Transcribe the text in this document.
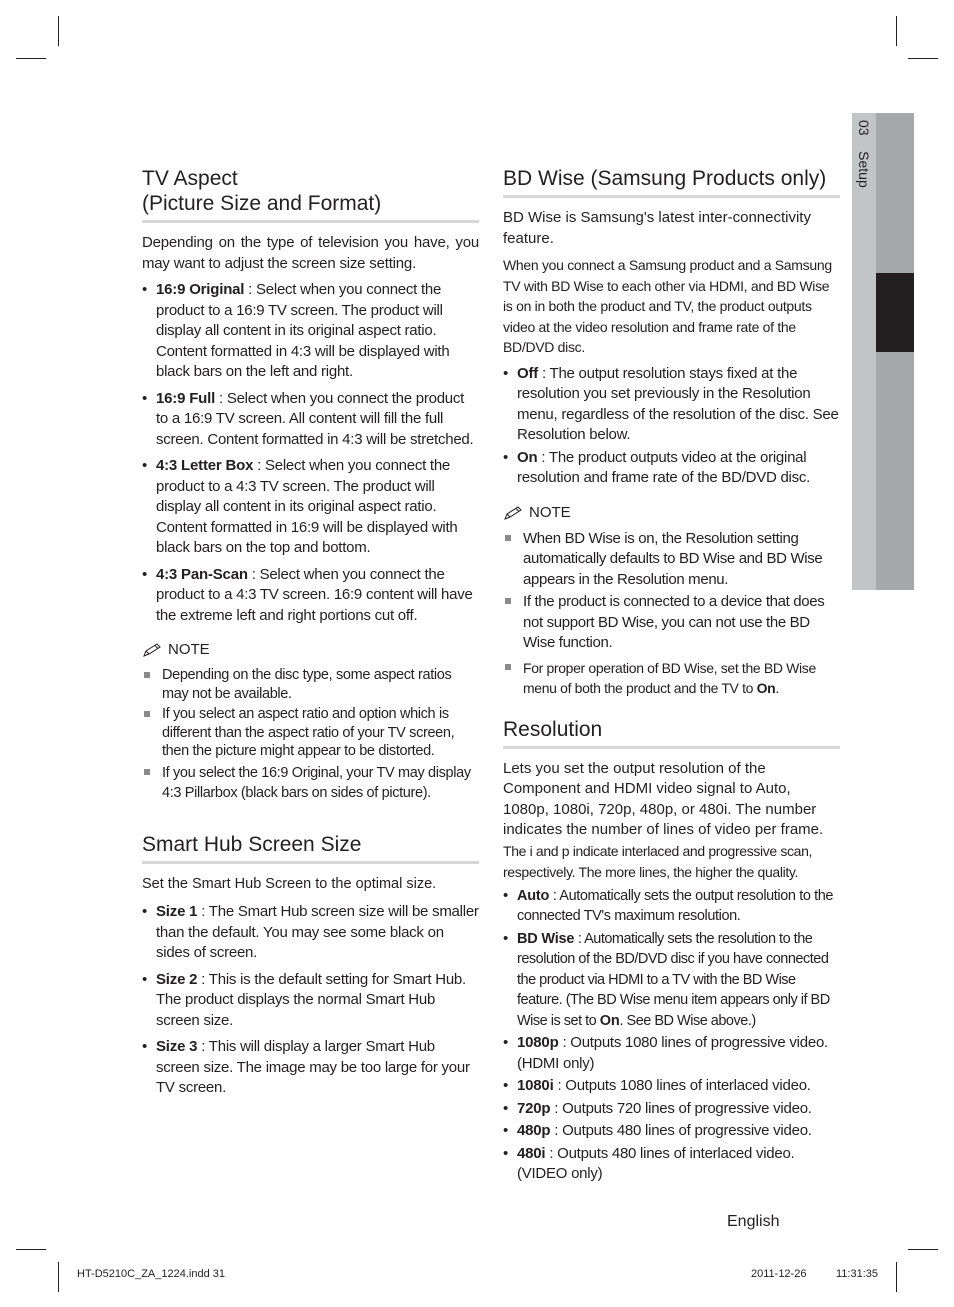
03    Setup
TV Aspect
(Picture Size and Format)

Depending on the type of television you have, you may want to adjust the screen size setting.

• 16:9 Original : Select when you connect the product to a 16:9 TV screen. The product will display all content in its original aspect ratio. Content formatted in 4:3 will be displayed with black bars on the left and right.
• 16:9 Full : Select when you connect the product to a 16:9 TV screen. All content will fill the full screen. Content formatted in 4:3 will be stretched.
• 4:3 Letter Box : Select when you connect the product to a 4:3 TV screen. The product will display all content in its original aspect ratio. Content formatted in 16:9 will be displayed with black bars on the top and bottom.
• 4:3 Pan-Scan : Select when you connect the product to a 4:3 TV screen. 16:9 content will have the extreme left and right portions cut off.
NOTE
Depending on the disc type, some aspect ratios may not be available.
If you select an aspect ratio and option which is different than the aspect ratio of your TV screen, then the picture might appear to be distorted.
If you select the 16:9 Original, your TV may display 4:3 Pillarbox (black bars on sides of picture).
Smart Hub Screen Size

Set the Smart Hub Screen to the optimal size.

• Size 1 : The Smart Hub screen size will be smaller than the default. You may see some black on sides of screen.
• Size 2 : This is the default setting for Smart Hub. The product displays the normal Smart Hub screen size.
• Size 3 : This will display a larger Smart Hub screen size. The image may be too large for your TV screen.
BD Wise (Samsung Products only)

BD Wise is Samsung's latest inter-connectivity feature.

When you connect a Samsung product and a Samsung TV with BD Wise to each other via HDMI, and BD Wise is on in both the product and TV, the product outputs video at the video resolution and frame rate of the BD/DVD disc.

• Off : The output resolution stays fixed at the resolution you set previously in the Resolution menu, regardless of the resolution of the disc. See Resolution below.
• On : The product outputs video at the original resolution and frame rate of the BD/DVD disc.
NOTE
When BD Wise is on, the Resolution setting automatically defaults to BD Wise and BD Wise appears in the Resolution menu.
If the product is connected to a device that does not support BD Wise, you can not use the BD Wise function.
For proper operation of BD Wise, set the BD Wise menu of both the product and the TV to On.
Resolution

Lets you set the output resolution of the Component and HDMI video signal to Auto, 1080p, 1080i, 720p, 480p, or 480i. The number indicates the number of lines of video per frame. The i and p indicate interlaced and progressive scan, respectively. The more lines, the higher the quality.

• Auto : Automatically sets the output resolution to the connected TV's maximum resolution.
• BD Wise : Automatically sets the resolution to the resolution of the BD/DVD disc if you have connected the product via HDMI to a TV with the BD Wise feature. (The BD Wise menu item appears only if BD Wise is set to On. See BD Wise above.)
• 1080p : Outputs 1080 lines of progressive video. (HDMI only)
• 1080i : Outputs 1080 lines of interlaced video.
• 720p : Outputs 720 lines of progressive video.
• 480p : Outputs 480 lines of progressive video.
• 480i : Outputs 480 lines of interlaced video. (VIDEO only)
English
HT-D5210C_ZA_1224.indd 31	2011-12-26	11:31:35
